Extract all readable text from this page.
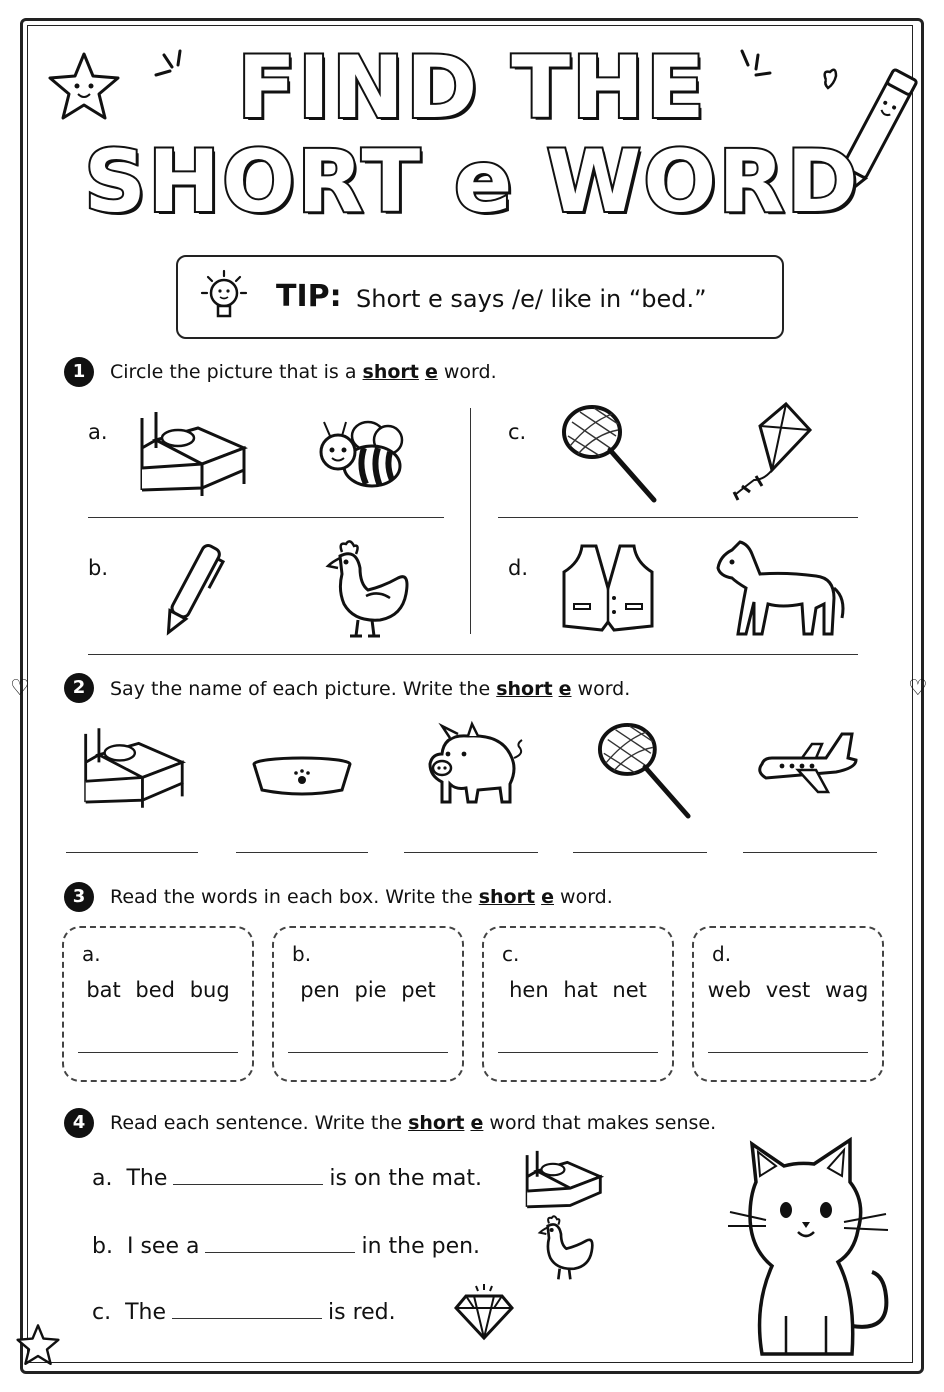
♡	♡
FIND THE
SHORT e WORD
TIP: Short e says /e/ like in “bed.”
1	Circle the picture that is a short e word.
a.
b.
c.
d.
2	Say the name of each picture. Write the short e word.
3	Read the words in each box. Write the short e word.
a.
bat bed bug
b.
pen pie pet
c.
hen hat net
d.
web vest wag
4	Read each sentence. Write the short e word that makes sense.
a. The	is on the mat.
b. I see a	in the pen.
c. The	is red.
